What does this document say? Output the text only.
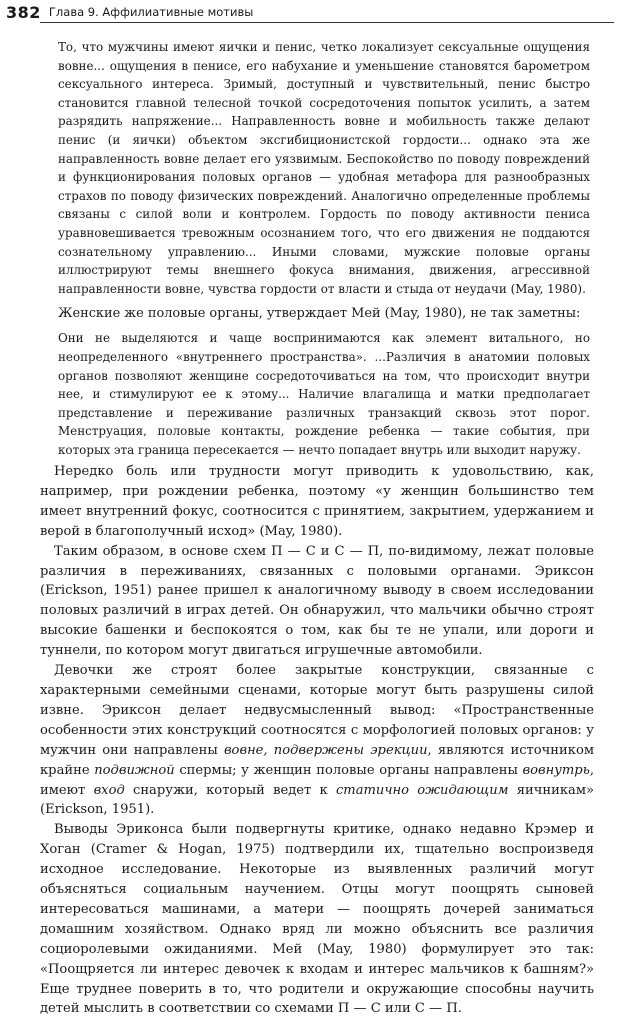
382 Глава 9. Аффилиативные мотивы

То, что мужчины имеют яички и пенис, четко локализует сексуальные ощущения вовне... ощущения в пенисе, его набухание и уменьшение становятся барометром сексуального интереса. Зримый, доступный и чувствительный, пенис быстро становится главной телесной точкой сосредоточения попыток усилить, а затем разрядить напряжение... Направленность вовне и мобильность также делают пенис (и яички) объектом эксгибиционистской гордости... однако эта же направленность вовне делает его уязвимым. Беспокойство по поводу повреждений и функционирования половых органов — удобная метафора для разнообразных страхов по поводу физических повреждений. Аналогично определенные проблемы связаны с силой воли и контролем. Гордость по поводу активности пениса уравновешивается тревожным осознанием того, что его движения не поддаются сознательному управлению... Иными словами, мужские половые органы иллюстрируют темы внешнего фокуса внимания, движения, агрессивной направленности вовне, чувства гордости от власти и стыда от неудачи (May, 1980).

Женские же половые органы, утверждает Мей (May, 1980), не так заметны:

Они не выделяются и чаще воспринимаются как элемент витального, но неопределенного «внутреннего пространства». ...Различия в анатомии половых органов позволяют женщине сосредоточиваться на том, что происходит внутри нее, и стимулируют ее к этому... Наличие влагалища и матки предполагает представление и переживание различных транзакций сквозь этот порог. Менструация, половые контакты, рождение ребенка — такие события, при которых эта граница пересекается — нечто попадает внутрь или выходит наружу.

Нередко боль или трудности могут приводить к удовольствию, как, например, при рождении ребенка, поэтому «у женщин большинство тем имеет внутренний фокус, соотносится с принятием, закрытием, удержанием и верой в благополучный исход» (May, 1980).

Таким образом, в основе схем П — С и С — П, по-видимому, лежат половые различия в переживаниях, связанных с половыми органами. Эриксон (Erickson, 1951) ранее пришел к аналогичному выводу в своем исследовании половых различий в играх детей. Он обнаружил, что мальчики обычно строят высокие башенки и беспокоятся о том, как бы те не упали, или дороги и туннели, по котором могут двигаться игрушечные автомобили.

Девочки же строят более закрытые конструкции, связанные с характерными семейными сценами, которые могут быть разрушены силой извне. Эриксон делает недвусмысленный вывод: «Пространственные особенности этих конструкций соотносятся с морфологией половых органов: у мужчин они направлены вовне, подвержены эрекции, являются источником крайне подвижной спермы; у женщин половые органы направлены вовнутрь, имеют вход снаружи, который ведет к статично ожидающим яичникам» (Erickson, 1951).

Выводы Эриконса были подвергнуты критике, однако недавно Крэмер и Хоган (Cramer & Hogan, 1975) подтвердили их, тщательно воспроизведя исходное исследование. Некоторые из выявленных различий могут объясняться социальным научением. Отцы могут поощрять сыновей интересоваться машинами, а матери — поощрять дочерей заниматься домашним хозяйством. Однако вряд ли можно объяснить все различия социоролевыми ожиданиями. Мей (May, 1980) формулирует это так: «Поощряется ли интерес девочек к входам и интерес мальчиков к башням?» Еще труднее поверить в то, что родители и окружающие способны научить детей мыслить в соответствии со схемами П — С или С — П.
